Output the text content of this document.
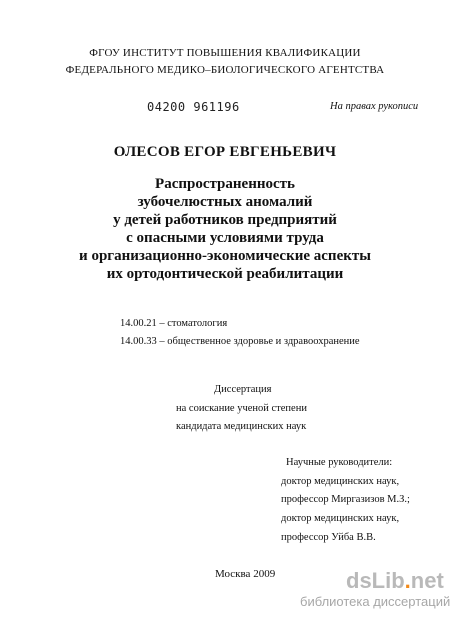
ФГОУ ИНСТИТУТ ПОВЫШЕНИЯ КВАЛИФИКАЦИИ
ФЕДЕРАЛЬНОГО МЕДИКО–БИОЛОГИЧЕСКОГО АГЕНТСТВА
04200 961196	На правах рукописи
ОЛЕСОВ ЕГОР ЕВГЕНЬЕВИЧ
Распространенность
зубочелюстных аномалий
у детей работников предприятий
с опасными условиями труда
и организационно-экономические аспекты
их ортодонтической реабилитации
14.00.21 – стоматология
14.00.33 – общественное здоровье и здравоохранение
Диссертация
на соискание ученой степени
кандидата медицинских наук
Научные руководители:
доктор медицинских наук,
профессор Миргазизов М.З.;
доктор медицинских наук,
профессор Уйба В.В.
Москва 2009	dsLib.net
библиотека диссертаций
